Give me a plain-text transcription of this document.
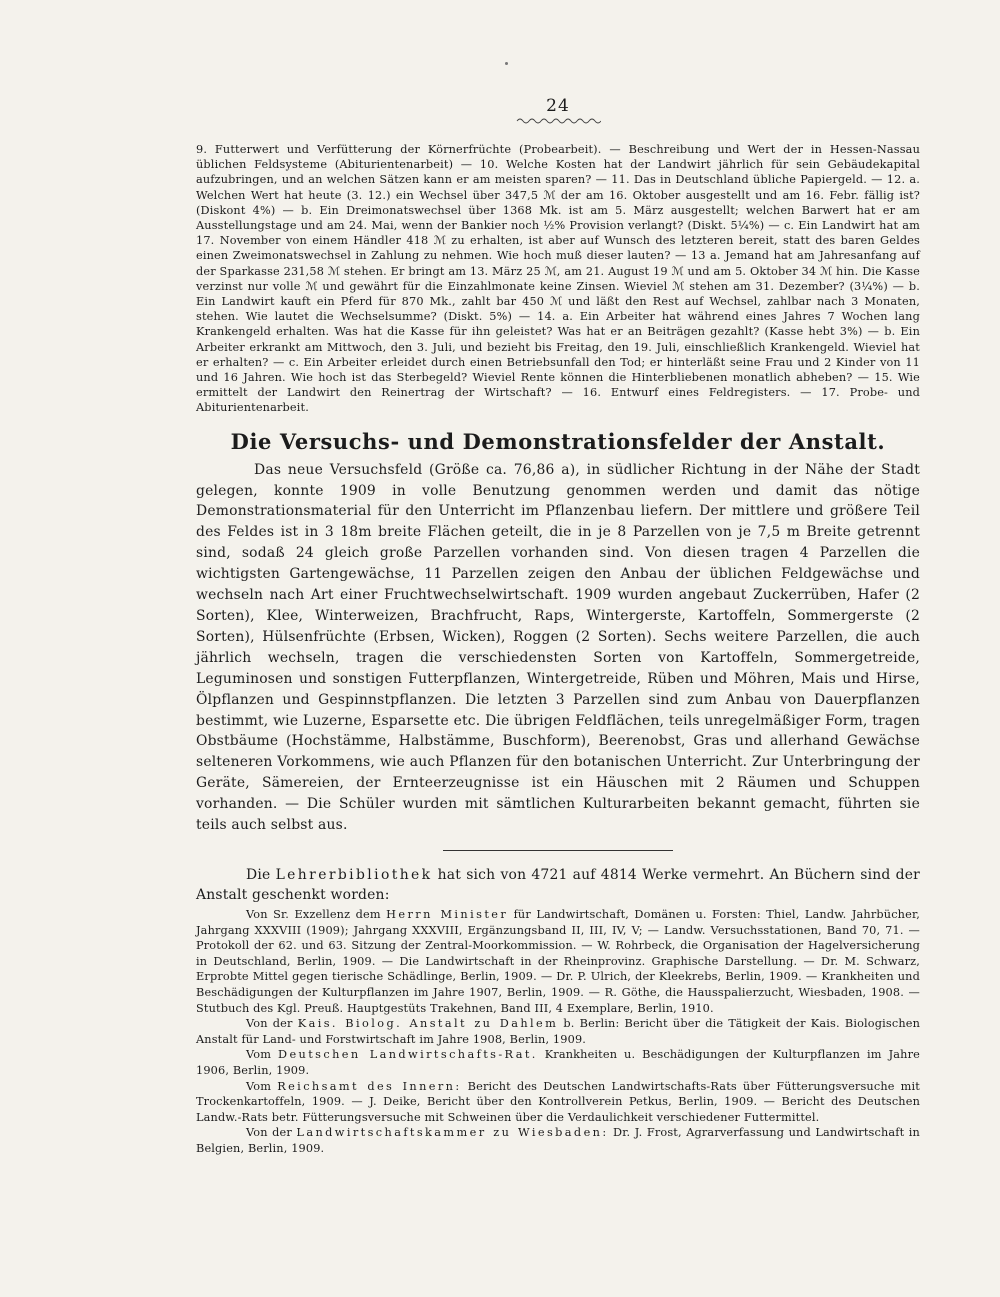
24

9. Futterwert und Verfütterung der Körnerfrüchte (Probearbeit). — Beschreibung und Wert der in Hessen-Nassau üblichen Feldsysteme (Abiturientenarbeit) — 10. Welche Kosten hat der Landwirt jährlich für sein Gebäudekapital aufzubringen, und an welchen Sätzen kann er am meisten sparen? — 11. Das in Deutschland übliche Papiergeld. — 12. a. Welchen Wert hat heute (3. 12.) ein Wechsel über 347,5 ℳ der am 16. Oktober ausgestellt und am 16. Febr. fällig ist? (Diskont 4%) — b. Ein Dreimonatswechsel über 1368 Mk. ist am 5. März ausgestellt; welchen Barwert hat er am Ausstellungstage und am 24. Mai, wenn der Bankier noch ½% Provision verlangt? (Diskt. 5¼%) — c. Ein Landwirt hat am 17. November von einem Händler 418 ℳ zu erhalten, ist aber auf Wunsch des letzteren bereit, statt des baren Geldes einen Zweimonatswechsel in Zahlung zu nehmen. Wie hoch muß dieser lauten? — 13 a. Jemand hat am Jahresanfang auf der Sparkasse 231,58 ℳ stehen. Er bringt am 13. März 25 ℳ, am 21. August 19 ℳ und am 5. Oktober 34 ℳ hin. Die Kasse verzinst nur volle ℳ und gewährt für die Einzahlmonate keine Zinsen. Wieviel ℳ stehen am 31. Dezember? (3¼%) — b. Ein Landwirt kauft ein Pferd für 870 Mk., zahlt bar 450 ℳ und läßt den Rest auf Wechsel, zahlbar nach 3 Monaten, stehen. Wie lautet die Wechselsumme? (Diskt. 5%) — 14. a. Ein Arbeiter hat während eines Jahres 7 Wochen lang Krankengeld erhalten. Was hat die Kasse für ihn geleistet? Was hat er an Beiträgen gezahlt? (Kasse hebt 3%) — b. Ein Arbeiter erkrankt am Mittwoch, den 3. Juli, und bezieht bis Freitag, den 19. Juli, einschließlich Krankengeld. Wieviel hat er erhalten? — c. Ein Arbeiter erleidet durch einen Betriebsunfall den Tod; er hinterläßt seine Frau und 2 Kinder von 11 und 16 Jahren. Wie hoch ist das Sterbegeld? Wieviel Rente können die Hinterbliebenen monatlich abheben? — 15. Wie ermittelt der Landwirt den Reinertrag der Wirtschaft? — 16. Entwurf eines Feldregisters. — 17. Probe- und Abiturientenarbeit.
Die Versuchs- und Demonstrationsfelder der Anstalt.

Das neue Versuchsfeld (Größe ca. 76,86 a), in südlicher Richtung in der Nähe der Stadt gelegen, konnte 1909 in volle Benutzung genommen werden und damit das nötige Demonstrationsmaterial für den Unterricht im Pflanzenbau liefern. Der mittlere und größere Teil des Feldes ist in 3 18m breite Flächen geteilt, die in je 8 Parzellen von je 7,5 m Breite getrennt sind, sodaß 24 gleich große Parzellen vorhanden sind. Von diesen tragen 4 Parzellen die wichtigsten Gartengewächse, 11 Parzellen zeigen den Anbau der üblichen Feldgewächse und wechseln nach Art einer Fruchtwechselwirtschaft. 1909 wurden angebaut Zuckerrüben, Hafer (2 Sorten), Klee, Winterweizen, Brachfrucht, Raps, Wintergerste, Kartoffeln, Sommergerste (2 Sorten), Hülsenfrüchte (Erbsen, Wicken), Roggen (2 Sorten). Sechs weitere Parzellen, die auch jährlich wechseln, tragen die verschiedensten Sorten von Kartoffeln, Sommergetreide, Leguminosen und sonstigen Futterpflanzen, Wintergetreide, Rüben und Möhren, Mais und Hirse, Ölpflanzen und Gespinnstpflanzen. Die letzten 3 Parzellen sind zum Anbau von Dauerpflanzen bestimmt, wie Luzerne, Esparsette etc. Die übrigen Feldflächen, teils unregelmäßiger Form, tragen Obstbäume (Hochstämme, Halbstämme, Buschform), Beerenobst, Gras und allerhand Gewächse selteneren Vorkommens, wie auch Pflanzen für den botanischen Unterricht. Zur Unterbringung der Geräte, Sämereien, der Ernteerzeugnisse ist ein Häuschen mit 2 Räumen und Schuppen vorhanden. — Die Schüler wurden mit sämtlichen Kulturarbeiten bekannt gemacht, führten sie teils auch selbst aus.

Die Lehrerbibliothek hat sich von 4721 auf 4814 Werke vermehrt. An Büchern sind der Anstalt geschenkt worden:

Von Sr. Exzellenz dem Herrn Minister für Landwirtschaft, Domänen u. Forsten: Thiel, Landw. Jahrbücher, Jahrgang XXXVIII (1909); Jahrgang XXXVIII, Ergänzungsband II, III, IV, V; — Landw. Versuchsstationen, Band 70, 71. — Protokoll der 62. und 63. Sitzung der Zentral-Moorkommission. — W. Rohrbeck, die Organisation der Hagelversicherung in Deutschland, Berlin, 1909. — Die Landwirtschaft in der Rheinprovinz. Graphische Darstellung. — Dr. M. Schwarz, Erprobte Mittel gegen tierische Schädlinge, Berlin, 1909. — Dr. P. Ulrich, der Kleekrebs, Berlin, 1909. — Krankheiten und Beschädigungen der Kulturpflanzen im Jahre 1907, Berlin, 1909. — R. Göthe, die Hausspalierzucht, Wiesbaden, 1908. — Stutbuch des Kgl. Preuß. Hauptgestüts Trakehnen, Band III, 4 Exemplare, Berlin, 1910.

Von der Kais. Biolog. Anstalt zu Dahlem b. Berlin: Bericht über die Tätigkeit der Kais. Biologischen Anstalt für Land- und Forstwirtschaft im Jahre 1908, Berlin, 1909.

Vom Deutschen Landwirtschafts-Rat. Krankheiten u. Beschädigungen der Kulturpflanzen im Jahre 1906, Berlin, 1909.

Vom Reichsamt des Innern: Bericht des Deutschen Landwirtschafts-Rats über Fütterungsversuche mit Trockenkartoffeln, 1909. — J. Deike, Bericht über den Kontrollverein Petkus, Berlin, 1909. — Bericht des Deutschen Landw.-Rats betr. Fütterungsversuche mit Schweinen über die Verdaulichkeit verschiedener Futtermittel.

Von der Landwirtschaftskammer zu Wiesbaden: Dr. J. Frost, Agrarverfassung und Landwirtschaft in Belgien, Berlin, 1909.
